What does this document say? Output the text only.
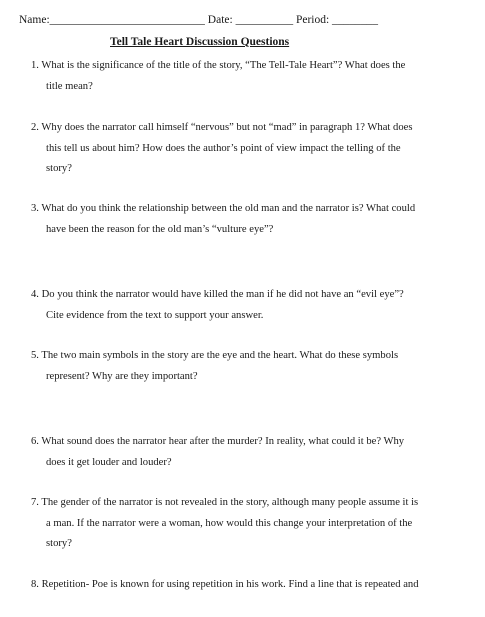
Name:___________________________ Date: __________ Period: ________
Tell Tale Heart Discussion Questions
1. What is the significance of the title of the story, “The Tell-Tale Heart”? What does the
title mean?
2. Why does the narrator call himself “nervous” but not “mad” in paragraph 1? What does
this tell us about him? How does the author’s point of view impact the telling of the
story?
3. What do you think the relationship between the old man and the narrator is? What could
have been the reason for the old man’s “vulture eye”?
4. Do you think the narrator would have killed the man if he did not have an “evil eye”?
Cite evidence from the text to support your answer.
5. The two main symbols in the story are the eye and the heart. What do these symbols
represent? Why are they important?
6. What sound does the narrator hear after the murder? In reality, what could it be? Why
does it get louder and louder?
7. The gender of the narrator is not revealed in the story, although many people assume it is
a man. If the narrator were a woman, how would this change your interpretation of the
story?
8. Repetition- Poe is known for using repetition in his work. Find a line that is repeated and
